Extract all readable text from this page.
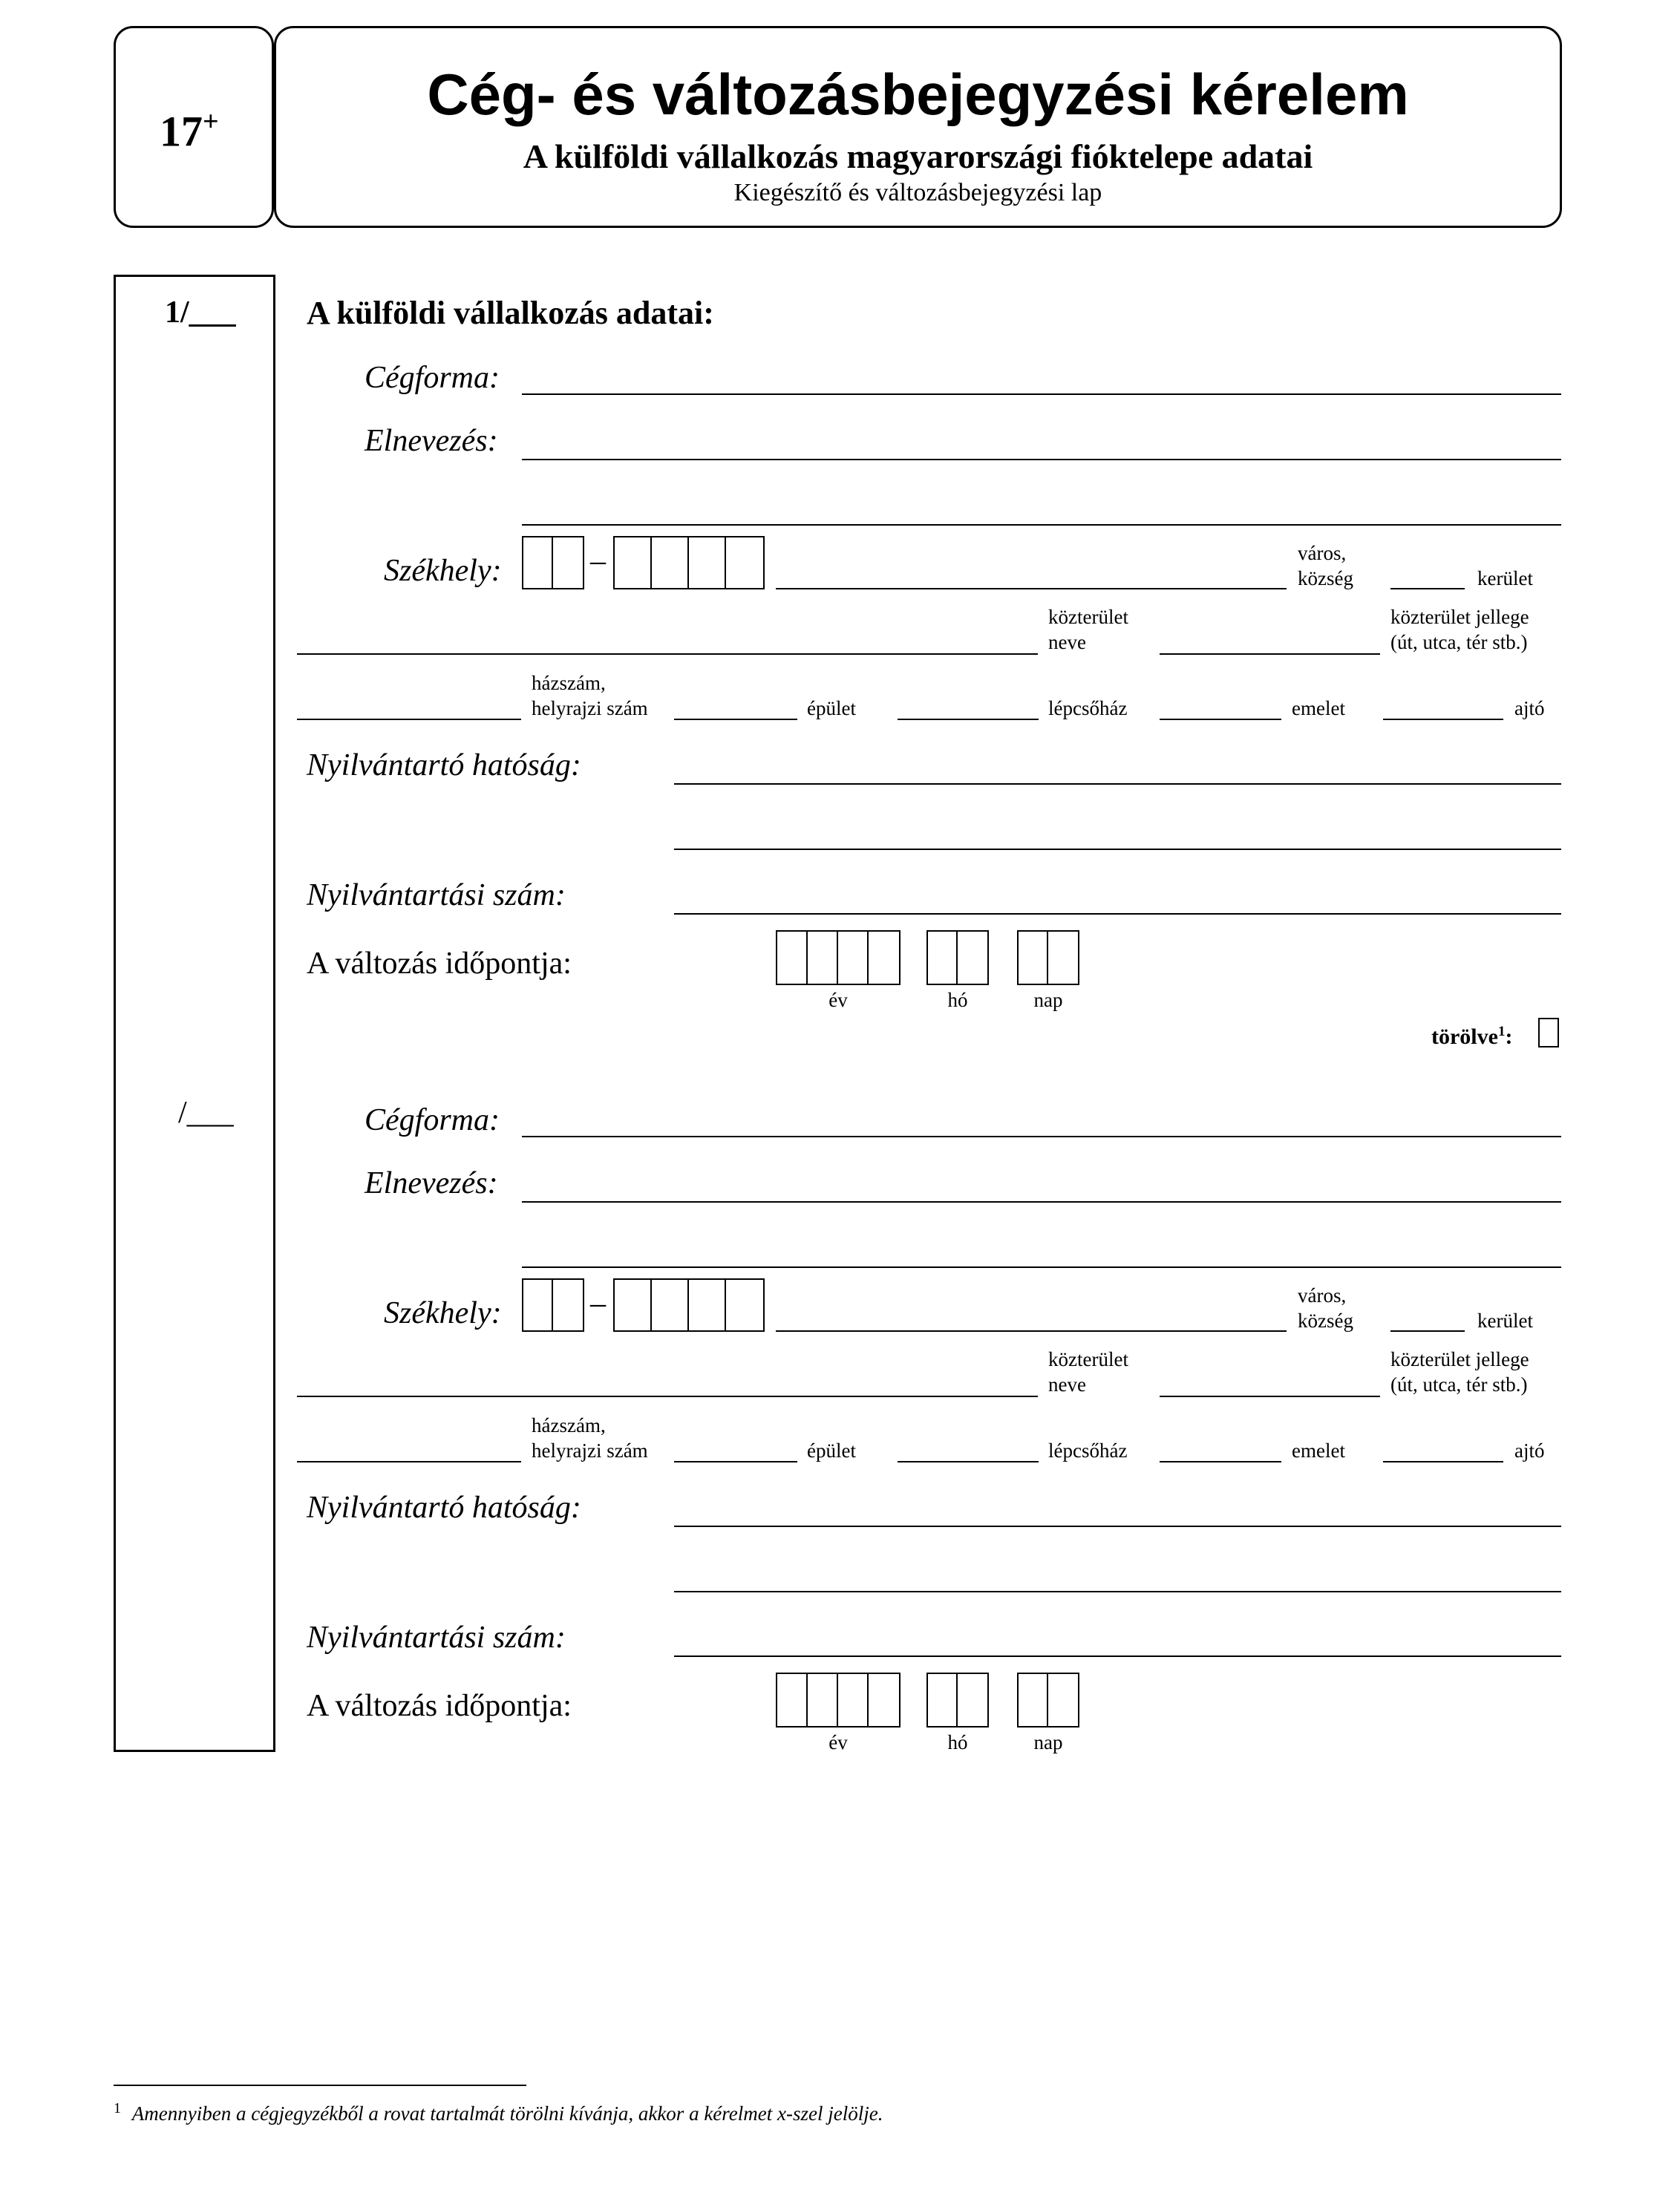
17+	Cég- és változásbejegyzési kérelem
A külföldi vállalkozás magyarországi fióktelepe adatai
Kiegészítő és változásbejegyzési lap
1/___
/___
A külföldi vállalkozás adatai:
Cégforma:
Elnevezés:
Székhely:	–	város,
község	kerület
közterület
neve
közterület jellege
(út, utca, tér stb.)
házszám,
helyrajzi szám	épület	lépcsőház	emelet	ajtó
Nyilvántartó hatóság:
Nyilvántartási szám:
A változás időpontja:
év	hó	nap
törölve$^1$:
Cégforma:
Elnevezés:
Székhely:	–	város,
község	kerület
közterület
neve
közterület jellege
(út, utca, tér stb.)
házszám,
helyrajzi szám	épület	lépcsőház	emelet	ajtó
Nyilvántartó hatóság:
Nyilvántartási szám:
A változás időpontja:
év	hó	nap
$^1$ Amennyiben a cégjegyzékből a rovat tartalmát törölni kívánja, akkor a kérelmet x-szel jelölje.
